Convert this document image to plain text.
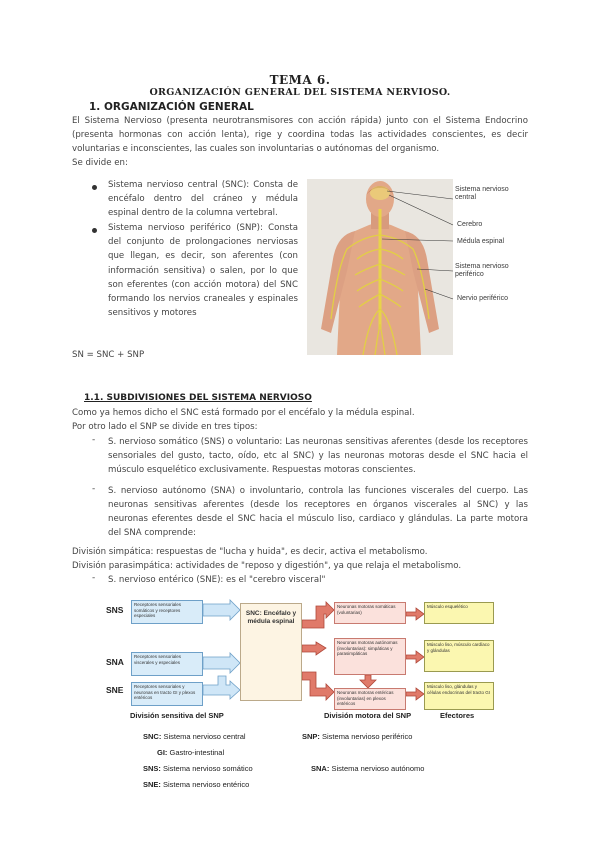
TEMA 6.
ORGANIZACIÓN GENERAL DEL SISTEMA NERVIOSO.
1. ORGANIZACIÓN GENERAL
El Sistema Nervioso (presenta neurotransmisores con acción rápida) junto con el Sistema Endocrino (presenta hormonas con acción lenta), rige y coordina todas las actividades conscientes, es decir voluntarias e inconscientes, las cuales son involuntarias o autónomas del organismo.
Se divide en:
Sistema nervioso central (SNC): Consta de encéfalo dentro del cráneo y médula espinal dentro de la columna vertebral.
Sistema nervioso periférico (SNP): Consta del conjunto de prolongaciones nerviosas que llegan, es decir, son aferentes (con información sensitiva) o salen, por lo que son eferentes (con acción motora) del SNC formando los nervios craneales y espinales sensitivos y motores
SN = SNC + SNP
Sistema nervioso central
Cerebro
Médula espinal
Sistema nervioso periférico
Nervio periférico
1.1. SUBDIVISIONES DEL SISTEMA NERVIOSO
Como ya hemos dicho el SNC está formado por el encéfalo y la médula espinal.
Por otro lado el SNP se divide en tres tipos:
- S. nervioso somático (SNS) o voluntario: Las neuronas sensitivas aferentes (desde los receptores sensoriales del gusto, tacto, oído, etc al SNC) y las neuronas motoras desde el SNC hacia el músculo esquelético exclusivamente. Respuestas motoras conscientes.
- S. nervioso autónomo (SNA) o involuntario, controla las funciones viscerales del cuerpo. Las neuronas sensitivas aferentes (desde los receptores en órganos viscerales al SNC) y las neuronas eferentes desde el SNC hacia el músculo liso, cardiaco y glándulas. La parte motora del SNA comprende:
División simpática: respuestas de "lucha y huida", es decir, activa el metabolismo.
División parasimpática: actividades de "reposo y digestión", ya que relaja el metabolismo.
- S. nervioso entérico (SNE): es el "cerebro visceral"
SNS
SNA
SNE
Receptores sensoriales somáticos y receptores especiales
Receptores sensoriales viscerales y especiales
Receptores sensoriales y neuronas en tracto GI y plexos entéricos
SNC: Encéfalo y médula espinal
Neuronas motoras somáticas (voluntarias)
Neuronas motoras autónomas (involuntarias): simpáticas y parasimpáticas
Neuronas motoras entéricas (involuntarias) en plexos entéricos
Músculo esquelético
Músculo liso, músculo cardíaco y glándulas
Músculo liso, glándulas y células endocrinas del tracto GI
División sensitiva del SNP	División motora del SNP	Efectores
SNC: Sistema nervioso central	SNP: Sistema nervioso periférico
GI: Gastro-intestinal
SNS: Sistema nervioso somático	SNA: Sistema nervioso autónomo
SNE: Sistema nervioso entérico
